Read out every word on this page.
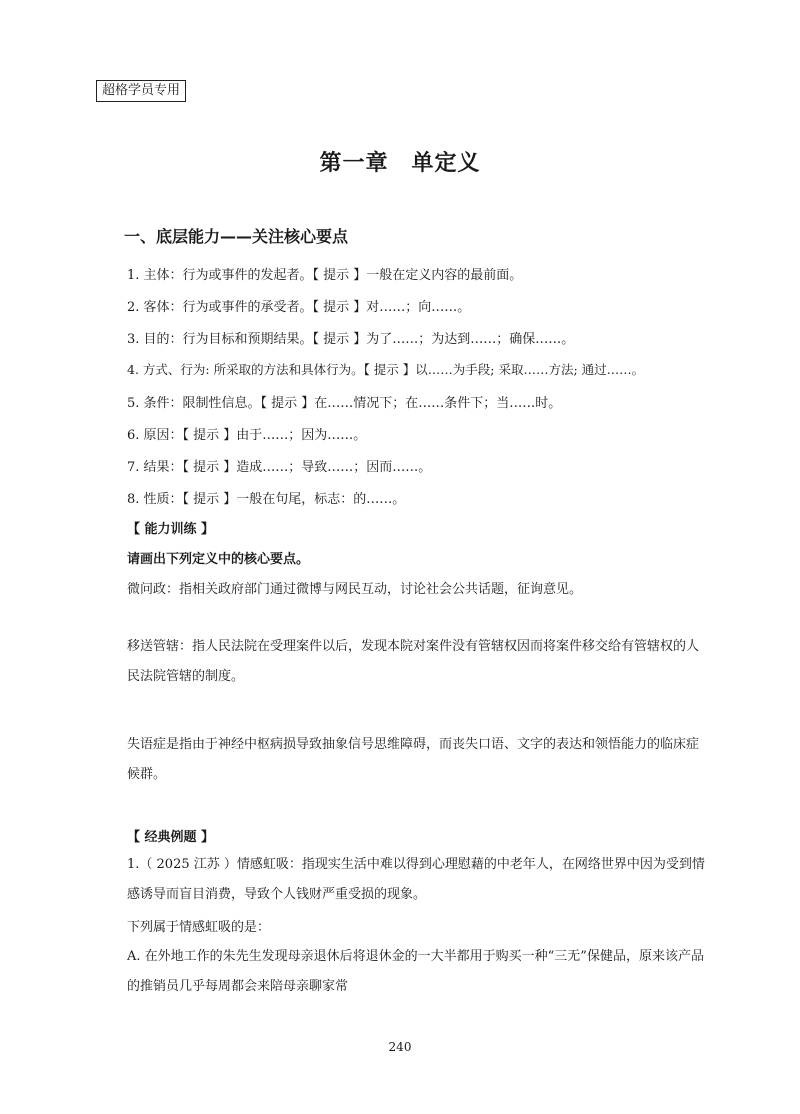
超格学员专用
第一章　单定义
一、底层能力——关注核心要点
1. 主体：行为或事件的发起者。【 提示 】一般在定义内容的最前面。
2. 客体：行为或事件的承受者。【 提示 】对……；向……。
3. 目的：行为目标和预期结果。【 提示 】为了……；为达到……；确保……。
4. 方式、行为: 所采取的方法和具体行为。【 提示 】以……为手段; 采取……方法; 通过……。
5. 条件：限制性信息。【 提示 】在……情况下；在……条件下；当……时。
6. 原因：【 提示 】由于……；因为……。
7. 结果：【 提示 】造成……；导致……；因而……。
8. 性质：【 提示 】一般在句尾，标志：的……。
【 能力训练 】
请画出下列定义中的核心要点。
微问政：指相关政府部门通过微博与网民互动，讨论社会公共话题，征询意见。
移送管辖：指人民法院在受理案件以后，发现本院对案件没有管辖权因而将案件移交给有管辖权的人民法院管辖的制度。
失语症是指由于神经中枢病损导致抽象信号思维障碍，而丧失口语、文字的表达和领悟能力的临床症候群。
【 经典例题 】
1.（ 2025 江苏 ）情感虹吸：指现实生活中难以得到心理慰藉的中老年人，在网络世界中因为受到情感诱导而盲目消费，导致个人钱财严重受损的现象。
下列属于情感虹吸的是：
A. 在外地工作的朱先生发现母亲退休后将退休金的一大半都用于购买一种“三无”保健品，原来该产品的推销员几乎每周都会来陪母亲聊家常
240
